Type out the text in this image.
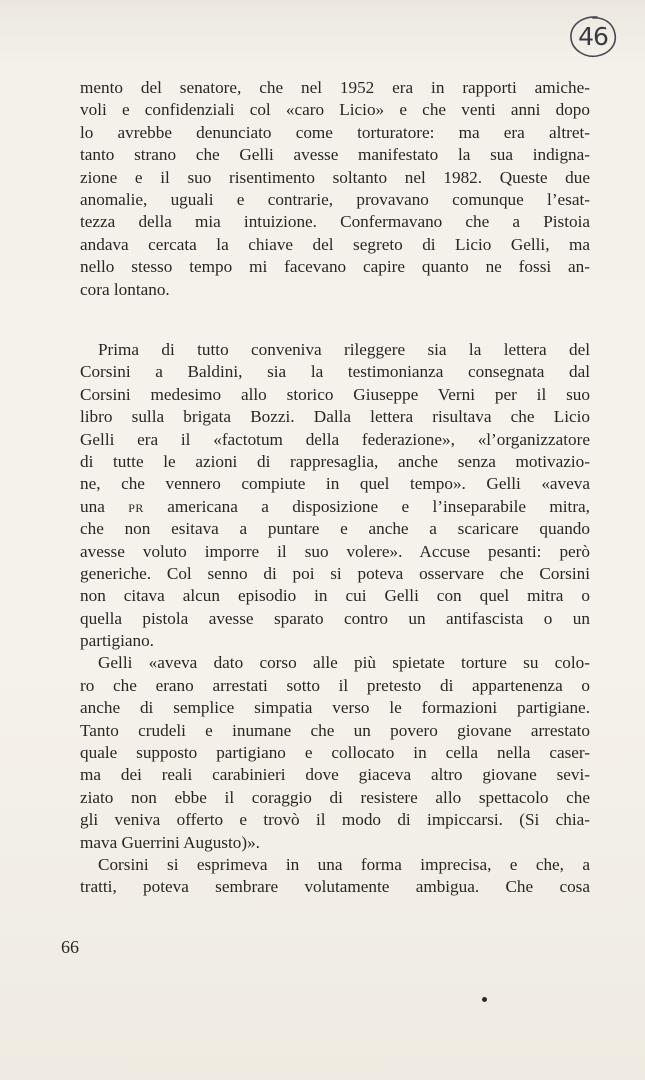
46
mento del senatore, che nel 1952 era in rapporti amiche-
voli e confidenziali col «caro Licio» e che venti anni dopo
lo avrebbe denunciato come torturatore: ma era altret-
tanto strano che Gelli avesse manifestato la sua indigna-
zione e il suo risentimento soltanto nel 1982. Queste due
anomalie, uguali e contrarie, provavano comunque l’esat-
tezza della mia intuizione. Confermavano che a Pistoia
andava cercata la chiave del segreto di Licio Gelli, ma
nello stesso tempo mi facevano capire quanto ne fossi an-
cora lontano.
Prima di tutto conveniva rileggere sia la lettera del
Corsini a Baldini, sia la testimonianza consegnata dal
Corsini medesimo allo storico Giuseppe Verni per il suo
libro sulla brigata Bozzi. Dalla lettera risultava che Licio
Gelli era il «factotum della federazione», «l’organizzatore
di tutte le azioni di rappresaglia, anche senza motivazio-
ne, che vennero compiute in quel tempo». Gelli «aveva
una PR americana a disposizione e l’inseparabile mitra,
che non esitava a puntare e anche a scaricare quando
avesse voluto imporre il suo volere». Accuse pesanti: però
generiche. Col senno di poi si poteva osservare che Corsini
non citava alcun episodio in cui Gelli con quel mitra o
quella pistola avesse sparato contro un antifascista o un
partigiano.
Gelli «aveva dato corso alle più spietate torture su colo-
ro che erano arrestati sotto il pretesto di appartenenza o
anche di semplice simpatia verso le formazioni partigiane.
Tanto crudeli e inumane che un povero giovane arrestato
quale supposto partigiano e collocato in cella nella caser-
ma dei reali carabinieri dove giaceva altro giovane sevi-
ziato non ebbe il coraggio di resistere allo spettacolo che
gli veniva offerto e trovò il modo di impiccarsi. (Si chia-
mava Guerrini Augusto)».
Corsini si esprimeva in una forma imprecisa, e che, a
tratti, poteva sembrare volutamente ambigua. Che cosa
66
